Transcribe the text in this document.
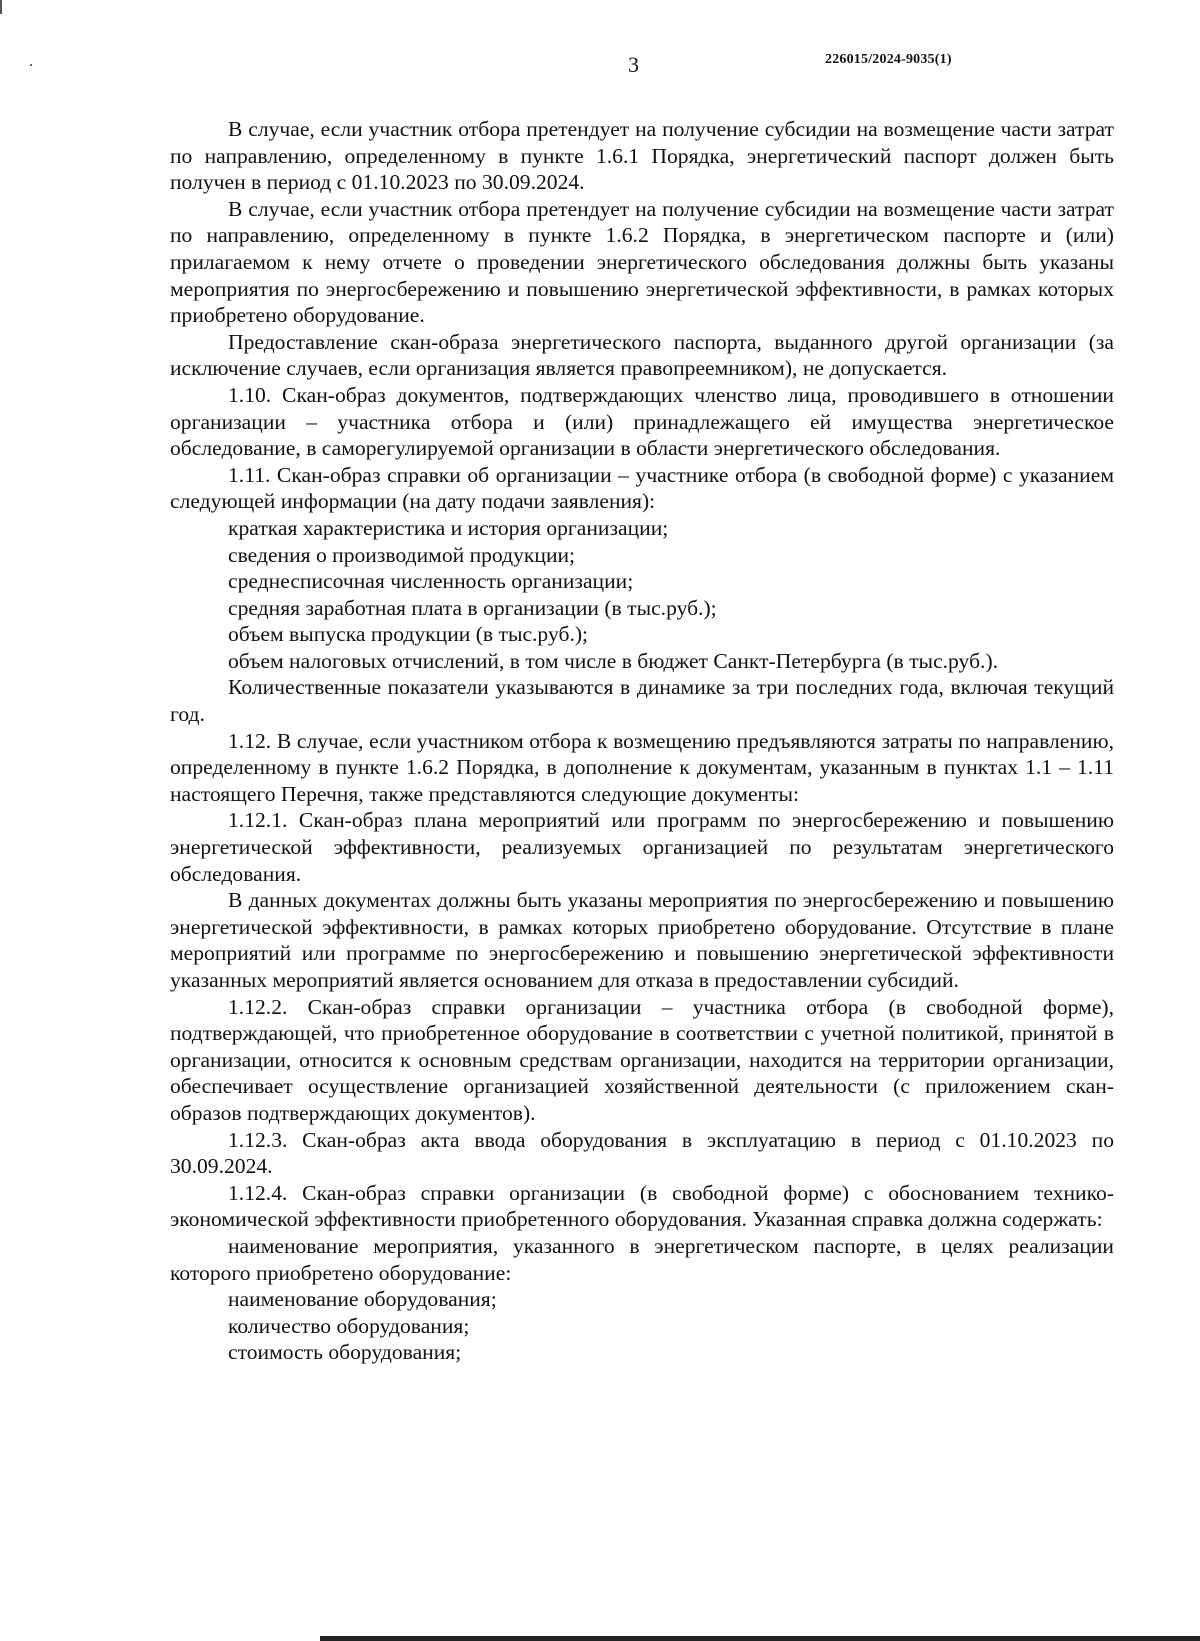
3	226015/2024-9035(1)

В случае, если участник отбора претендует на получение субсидии на возмещение части затрат по направлению, определенному в пункте 1.6.1 Порядка, энергетический паспорт должен быть получен в период с 01.10.2023 по 30.09.2024.

В случае, если участник отбора претендует на получение субсидии на возмещение части затрат по направлению, определенному в пункте 1.6.2 Порядка, в энергетическом паспорте и (или) прилагаемом к нему отчете о проведении энергетического обследования должны быть указаны мероприятия по энергосбережению и повышению энергетической эффективности, в рамках которых приобретено оборудование.

Предоставление скан-образа энергетического паспорта, выданного другой организации (за исключение случаев, если организация является правопреемником), не допускается.

1.10. Скан-образ документов, подтверждающих членство лица, проводившего в отношении организации – участника отбора и (или) принадлежащего ей имущества энергетическое обследование, в саморегулируемой организации в области энергетического обследования.

1.11. Скан-образ справки об организации – участнике отбора (в свободной форме) с указанием следующей информации (на дату подачи заявления):

краткая характеристика и история организации;

сведения о производимой продукции;

среднесписочная численность организации;

средняя заработная плата в организации (в тыс.руб.);

объем выпуска продукции (в тыс.руб.);

объем налоговых отчислений, в том числе в бюджет Санкт-Петербурга (в тыс.руб.).

Количественные показатели указываются в динамике за три последних года, включая текущий год.

1.12. В случае, если участником отбора к возмещению предъявляются затраты по направлению, определенному в пункте 1.6.2 Порядка, в дополнение к документам, указанным в пунктах 1.1 – 1.11 настоящего Перечня, также представляются следующие документы:

1.12.1. Скан-образ плана мероприятий или программ по энергосбережению и повышению энергетической эффективности, реализуемых организацией по результатам энергетического обследования.

В данных документах должны быть указаны мероприятия по энергосбережению и повышению энергетической эффективности, в рамках которых приобретено оборудование. Отсутствие в плане мероприятий или программе по энергосбережению и повышению энергетической эффективности указанных мероприятий является основанием для отказа в предоставлении субсидий.

1.12.2. Скан-образ справки организации – участника отбора (в свободной форме), подтверждающей, что приобретенное оборудование в соответствии с учетной политикой, принятой в организации, относится к основным средствам организации, находится на территории организации, обеспечивает осуществление организацией хозяйственной деятельности (с приложением скан-образов подтверждающих документов).

1.12.3. Скан-образ акта ввода оборудования в эксплуатацию в период с 01.10.2023 по 30.09.2024.

1.12.4. Скан-образ справки организации (в свободной форме) с обоснованием технико-экономической эффективности приобретенного оборудования. Указанная справка должна содержать:

наименование мероприятия, указанного в энергетическом паспорте, в целях реализации которого приобретено оборудование:

наименование оборудования;

количество оборудования;

стоимость оборудования;
